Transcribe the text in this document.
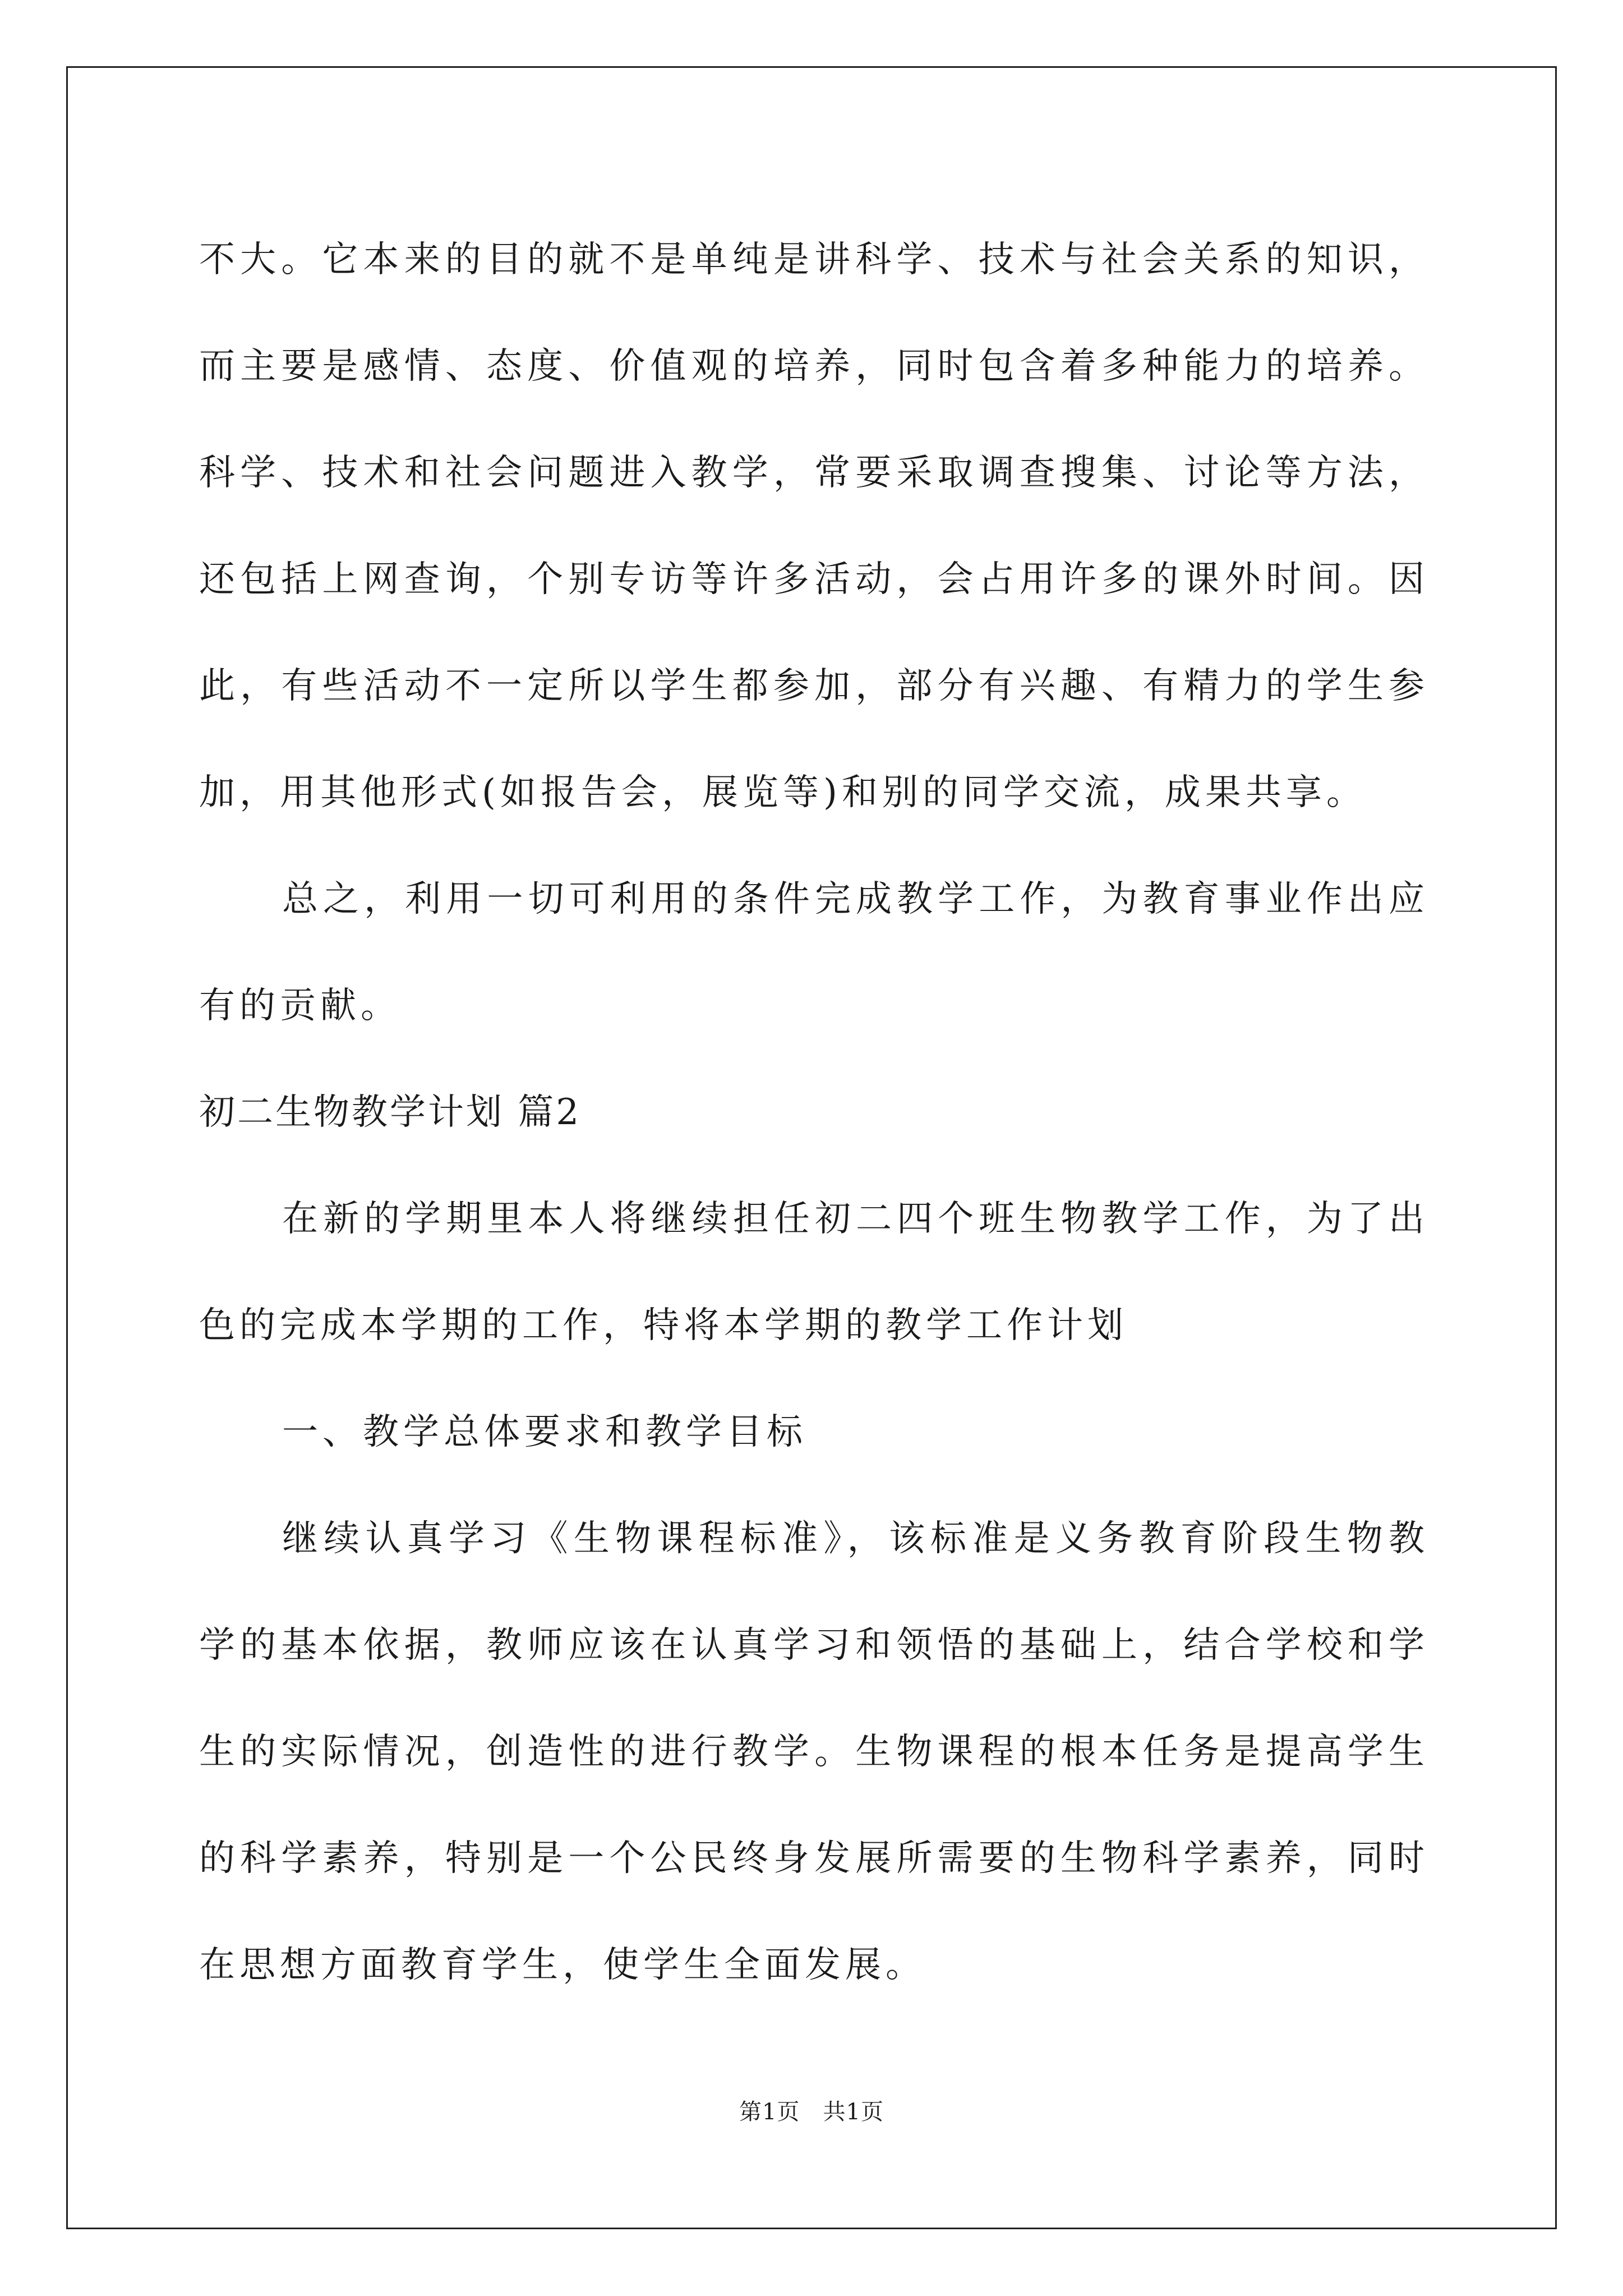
不大。它本来的目的就不是单纯是讲科学、技术与社会关系的知识，而主要是感情、态度、价值观的培养，同时包含着多种能力的培养。科学、技术和社会问题进入教学，常要采取调查搜集、讨论等方法，还包括上网查询，个别专访等许多活动，会占用许多的课外时间。因此，有些活动不一定所以学生都参加，部分有兴趣、有精力的学生参加，用其他形式(如报告会，展览等)和别的同学交流，成果共享。

总之，利用一切可利用的条件完成教学工作，为教育事业作出应有的贡献。

初二生物教学计划 篇2

在新的学期里本人将继续担任初二四个班生物教学工作，为了出色的完成本学期的工作，特将本学期的教学工作计划

一、教学总体要求和教学目标

继续认真学习《生物课程标准》，该标准是义务教育阶段生物教学的基本依据，教师应该在认真学习和领悟的基础上，结合学校和学生的实际情况，创造性的进行教学。生物课程的根本任务是提高学生的科学素养，特别是一个公民终身发展所需要的生物科学素养，同时在思想方面教育学生，使学生全面发展。

第1页   共1页
